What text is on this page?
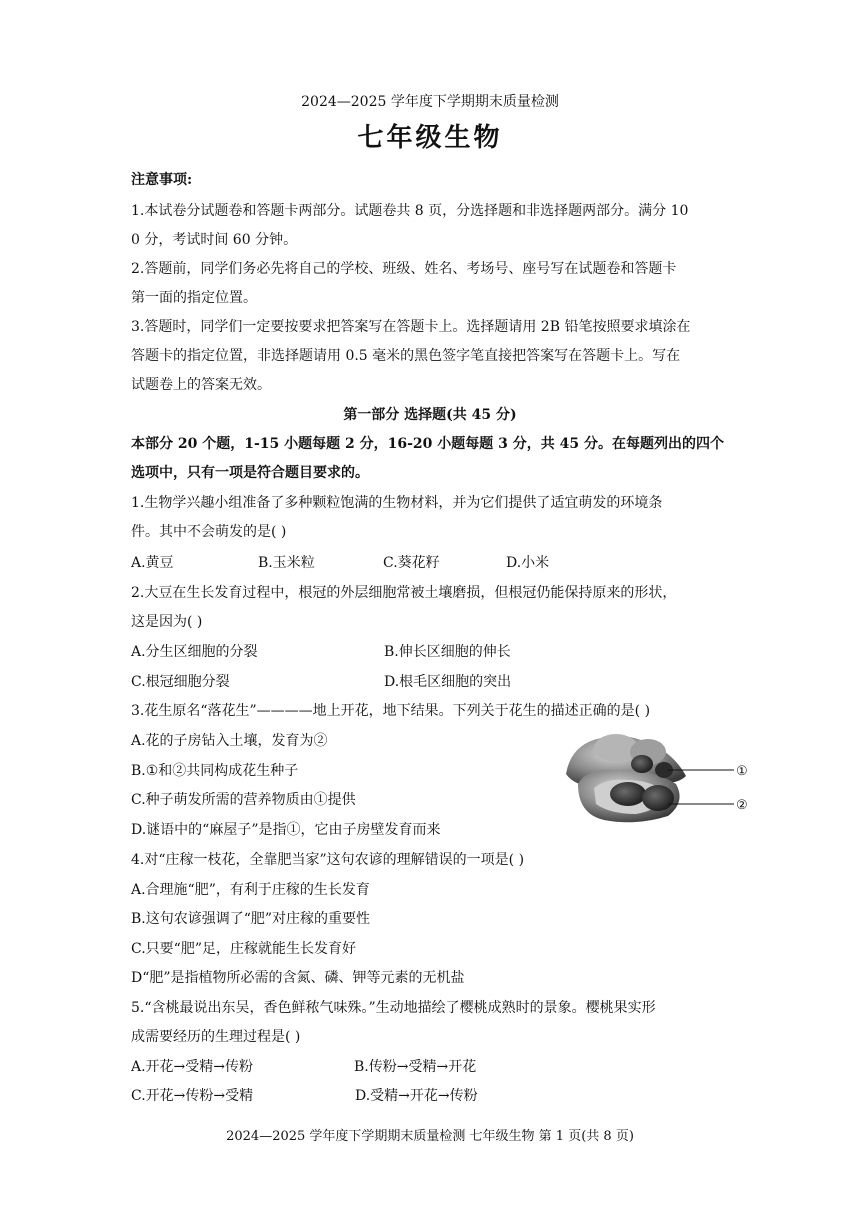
2024—2025 学年度下学期期末质量检测
七年级生物
注意事项:
1.本试卷分试题卷和答题卡两部分。试题卷共 8 页，分选择题和非选择题两部分。满分 10
0 分，考试时间 60 分钟。
2.答题前，同学们务必先将自己的学校、班级、姓名、考场号、座号写在试题卷和答题卡
第一面的指定位置。
3.答题时，同学们一定要按要求把答案写在答题卡上。选择题请用 2B 铅笔按照要求填涂在
答题卡的指定位置，非选择题请用 0.5 毫米的黑色签字笔直接把答案写在答题卡上。写在
试题卷上的答案无效。
第一部分 选择题(共 45 分)
本部分 20 个题，1-15 小题每题 2 分，16-20 小题每题 3 分，共 45 分。在每题列出的四个
选项中，只有一项是符合题目要求的。
1.生物学兴趣小组准备了多种颗粒饱满的生物材料，并为它们提供了适宜萌发的环境条
件。其中不会萌发的是( )
A.黄豆	B.玉米粒	C.葵花籽	D.小米
2.大豆在生长发育过程中，根冠的外层细胞常被土壤磨损，但根冠仍能保持原来的形状，
这是因为( )
A.分生区细胞的分裂	B.伸长区细胞的伸长
C.根冠细胞分裂	D.根毛区细胞的突出
3.花生原名“落花生”————地上开花，地下结果。下列关于花生的描述正确的是( )
A.花的子房钻入土壤，发育为②
B.①和②共同构成花生种子
C.种子萌发所需的营养物质由①提供
D.谜语中的“麻屋子”是指①，它由子房壁发育而来
①
②
4.对“庄稼一枝花，全靠肥当家”这句农谚的理解错误的一项是( )
A.合理施“肥”，有利于庄稼的生长发育
B.这句农谚强调了“肥”对庄稼的重要性
C.只要“肥”足，庄稼就能生长发育好
D“肥”是指植物所必需的含氮、磷、钾等元素的无机盐
5.“含桃最说出东吴，香色鲜秾气味殊。”生动地描绘了樱桃成熟时的景象。樱桃果实形
成需要经历的生理过程是( )
A.开花→受精→传粉	B.传粉→受精→开花
C.开花→传粉→受精	D.受精→开花→传粉
2024—2025 学年度下学期期末质量检测 七年级生物 第 1 页(共 8 页)
